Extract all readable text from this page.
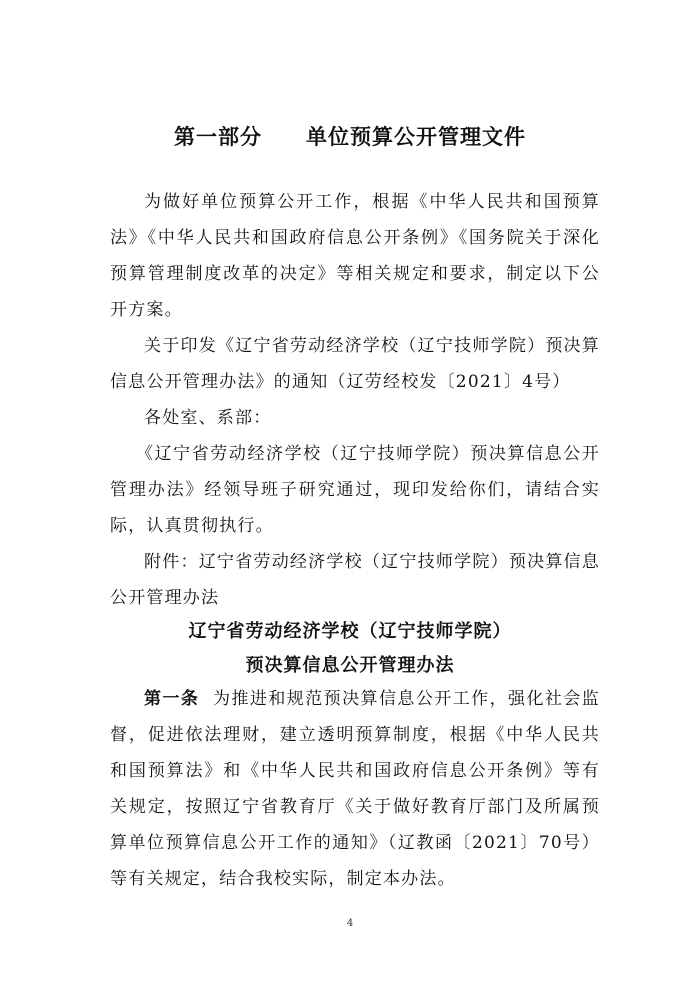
第一部分 单位预算公开管理文件

为做好单位预算公开工作，根据《中华人民共和国预算法》《中华人民共和国政府信息公开条例》《国务院关于深化预算管理制度改革的决定》等相关规定和要求，制定以下公开方案。

关于印发《辽宁省劳动经济学校（辽宁技师学院）预决算信息公开管理办法》的通知（辽劳经校发〔2021〕4号）

各处室、系部：

《辽宁省劳动经济学校（辽宁技师学院）预决算信息公开管理办法》经领导班子研究通过，现印发给你们，请结合实际，认真贯彻执行。

附件：辽宁省劳动经济学校（辽宁技师学院）预决算信息公开管理办法

辽宁省劳动经济学校（辽宁技师学院）
预决算信息公开管理办法

第一条 为推进和规范预决算信息公开工作，强化社会监督，促进依法理财，建立透明预算制度，根据《中华人民共和国预算法》和《中华人民共和国政府信息公开条例》等有关规定，按照辽宁省教育厅《关于做好教育厅部门及所属预算单位预算信息公开工作的通知》（辽教函〔2021〕70号）等有关规定，结合我校实际，制定本办法。

4
